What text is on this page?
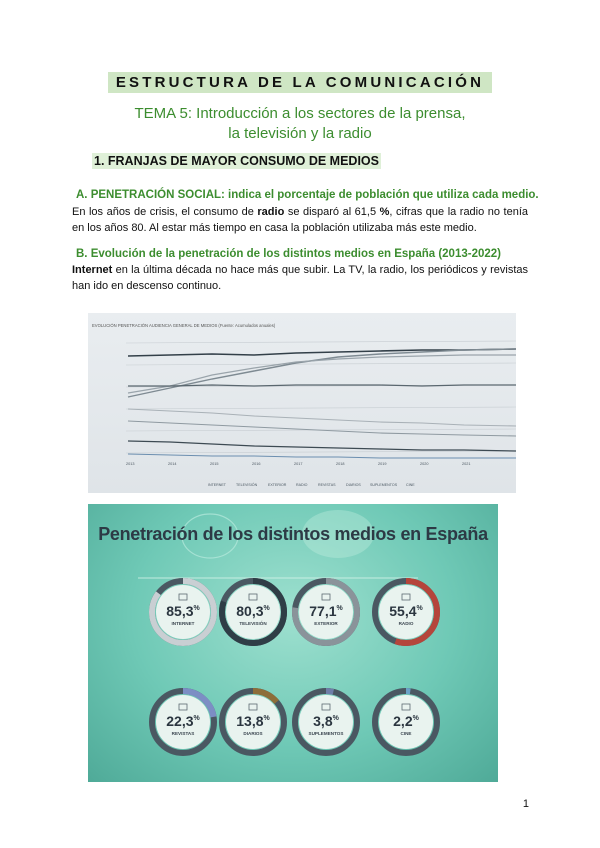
ESTRUCTURA DE LA COMUNICACIÓN
TEMA 5: Introducción a los sectores de la prensa,
la televisión y la radio
1. FRANJAS DE MAYOR CONSUMO DE MEDIOS
A. PENETRACIÓN SOCIAL: indica el porcentaje de población que utiliza cada medio.
En los años de crisis, el consumo de radio se disparó al 61,5 %, cifras que la radio no tenía en los años 80. Al estar más tiempo en casa la población utilizaba más este medio.
B. Evolución de la penetración de los distintos medios en España (2013-2022)
Internet en la última década no hace más que subir. La TV, la radio, los periódicos y revistas han ido en descenso continuo.
EVOLUCIÓN PENETRACIÓN AUDIENCIA GENERAL DE MEDIOS (Fuente: Acumulados anuales)
2013	2014	2015	2016	2017	2018	2019	2020	2021
INTERNET	TELEVISIÓN	EXTERIOR	RADIO	REVISTAS	DIARIOS	SUPLEMENTOS CINE
Penetración de los distintos medios en España
85,3%
INTERNET
80,3%
TELEVISIÓN
77,1%
EXTERIOR
55,4%
RADIO
22,3%
REVISTAS
13,8%
DIARIOS
3,8%
SUPLEMENTOS
2,2%
CINE
1
